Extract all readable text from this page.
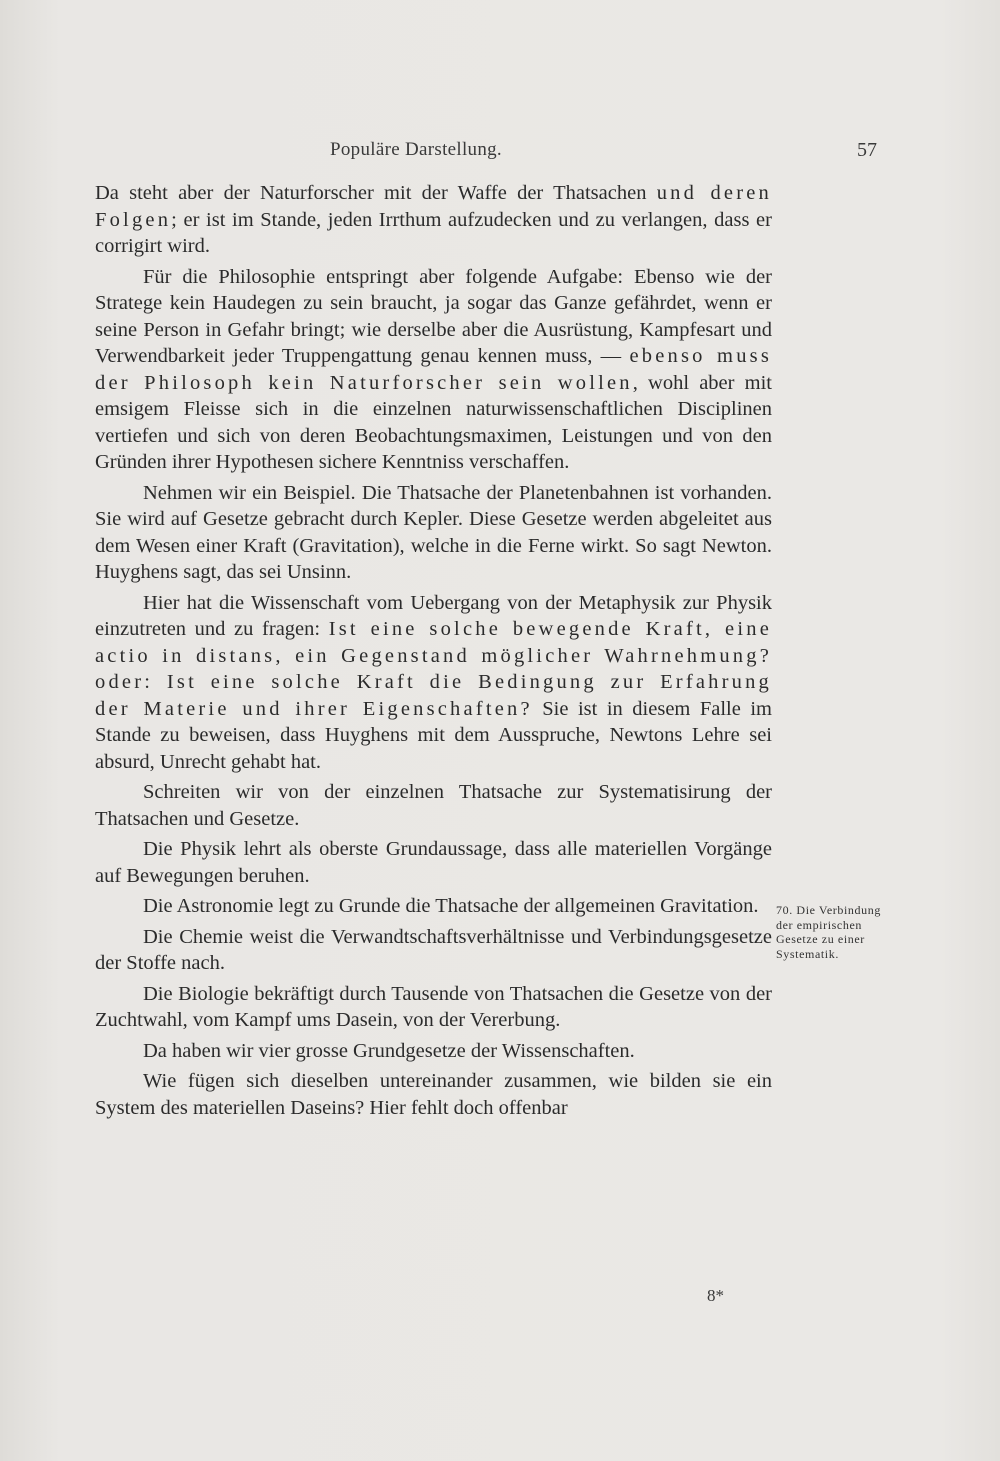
Populäre Darstellung.	57

Da steht aber der Naturforscher mit der Waffe der Thatsachen und deren Folgen; er ist im Stande, jeden Irrthum aufzudecken und zu verlangen, dass er corrigirt wird.

Für die Philosophie entspringt aber folgende Aufgabe: Ebenso wie der Stratege kein Haudegen zu sein braucht, ja sogar das Ganze gefährdet, wenn er seine Person in Gefahr bringt; wie derselbe aber die Ausrüstung, Kampfesart und Verwendbarkeit jeder Truppengattung genau kennen muss, — ebenso muss der Philosoph kein Naturforscher sein wollen, wohl aber mit emsigem Fleisse sich in die einzelnen naturwissenschaftlichen Disciplinen vertiefen und sich von deren Beobachtungsmaximen, Leistungen und von den Gründen ihrer Hypothesen sichere Kenntniss verschaffen.

Nehmen wir ein Beispiel. Die Thatsache der Planetenbahnen ist vorhanden. Sie wird auf Gesetze gebracht durch Kepler. Diese Gesetze werden abgeleitet aus dem Wesen einer Kraft (Gravitation), welche in die Ferne wirkt. So sagt Newton. Huyghens sagt, das sei Unsinn.

Hier hat die Wissenschaft vom Uebergang von der Metaphysik zur Physik einzutreten und zu fragen: Ist eine solche bewegende Kraft, eine actio in distans, ein Gegenstand möglicher Wahrnehmung? oder: Ist eine solche Kraft die Bedingung zur Erfahrung der Materie und ihrer Eigenschaften? Sie ist in diesem Falle im Stande zu beweisen, dass Huyghens mit dem Ausspruche, Newtons Lehre sei absurd, Unrecht gehabt hat.

Schreiten wir von der einzelnen Thatsache zur Systematisirung der Thatsachen und Gesetze.

Die Physik lehrt als oberste Grundaussage, dass alle materiellen Vorgänge auf Bewegungen beruhen.

Die Astronomie legt zu Grunde die Thatsache der allgemeinen Gravitation.

Die Chemie weist die Verwandtschaftsverhältnisse und Verbindungsgesetze der Stoffe nach.

Die Biologie bekräftigt durch Tausende von Thatsachen die Gesetze von der Zuchtwahl, vom Kampf ums Dasein, von der Vererbung.

Da haben wir vier grosse Grundgesetze der Wissenschaften.

Wie fügen sich dieselben untereinander zusammen, wie bilden sie ein System des materiellen Daseins? Hier fehlt doch offenbar

70. Die Verbindung der empirischen Gesetze zu einer Systematik.
8*
